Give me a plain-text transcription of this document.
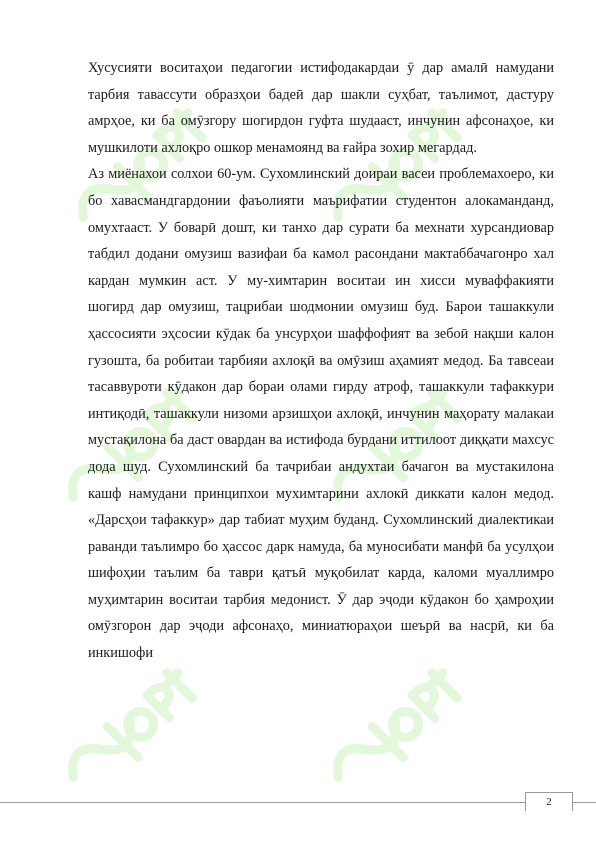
Хусусияти воситаҳои педагогии истифодакардаи ӯ дар амалӣ намудани тарбия тавассути образҳои бадеӣ дар шакли суҳбат, таълимот, дастуру амрҳое, ки ба омӯзгору шогирдон гуфта шудааст, инчунин афсонаҳое, ки мушкилоти ахлоқро ошкор менамоянд ва ғайра зохир мегардад.

Аз миёнахои солхои 60-ум. Сухомлинский доираи васеи проблемахоеро, ки бо хавасмандгардонии фаъолияти маърифатии студентон алокаманданд, омухтааст. У боварӣ дошт, ки танхо дар сурати ба мехнати хурсандиовар табдил додани омузиш вазифаи ба камол расондани мактаббачагонро хал кардан мумкин аст. У му-химтарин воситаи ин хисси муваффакияти шогирд дар омузиш, тацрибаи шодмонии омузиш буд. Барои ташаккули ҳассосияти эҳсосии кӯдак ба унсурҳои шаффофият ва зебоӣ нақши калон гузошта, ба робитаи тарбияи ахлоқӣ ва омӯзиш аҳамият медод. Ба тавсеаи тасаввуроти кӯдакон дар бораи олами гирду атроф, ташаккули тафаккури интиқодӣ, ташаккули низоми арзишҳои ахлоқӣ, инчунин маҳорату малакаи мустақилона ба даст овардан ва истифода бурдани иттилоот диққати махсус дода шуд. Сухомлинский ба тачрибаи андухтаи бачагон ва мустакилона кашф намудани принципхои мухимтарини ахлокӣ диккати калон медод. «Дарсҳои тафаккур» дар табиат муҳим буданд. Сухомлинский диалектикаи раванди таълимро бо ҳассос дарк намуда, ба муносибати манфӣ ба усулҳои шифоҳии таълим ба таври қатъӣ муқобилат карда, каломи муаллимро муҳимтарин воситаи тарбия медонист. Ӯ дар эҷоди кӯдакон бо ҳамроҳии омӯзгорон дар эҷоди афсонаҳо, миниатюраҳои шеърӣ ва насрӣ, ки ба инкишофи

2
